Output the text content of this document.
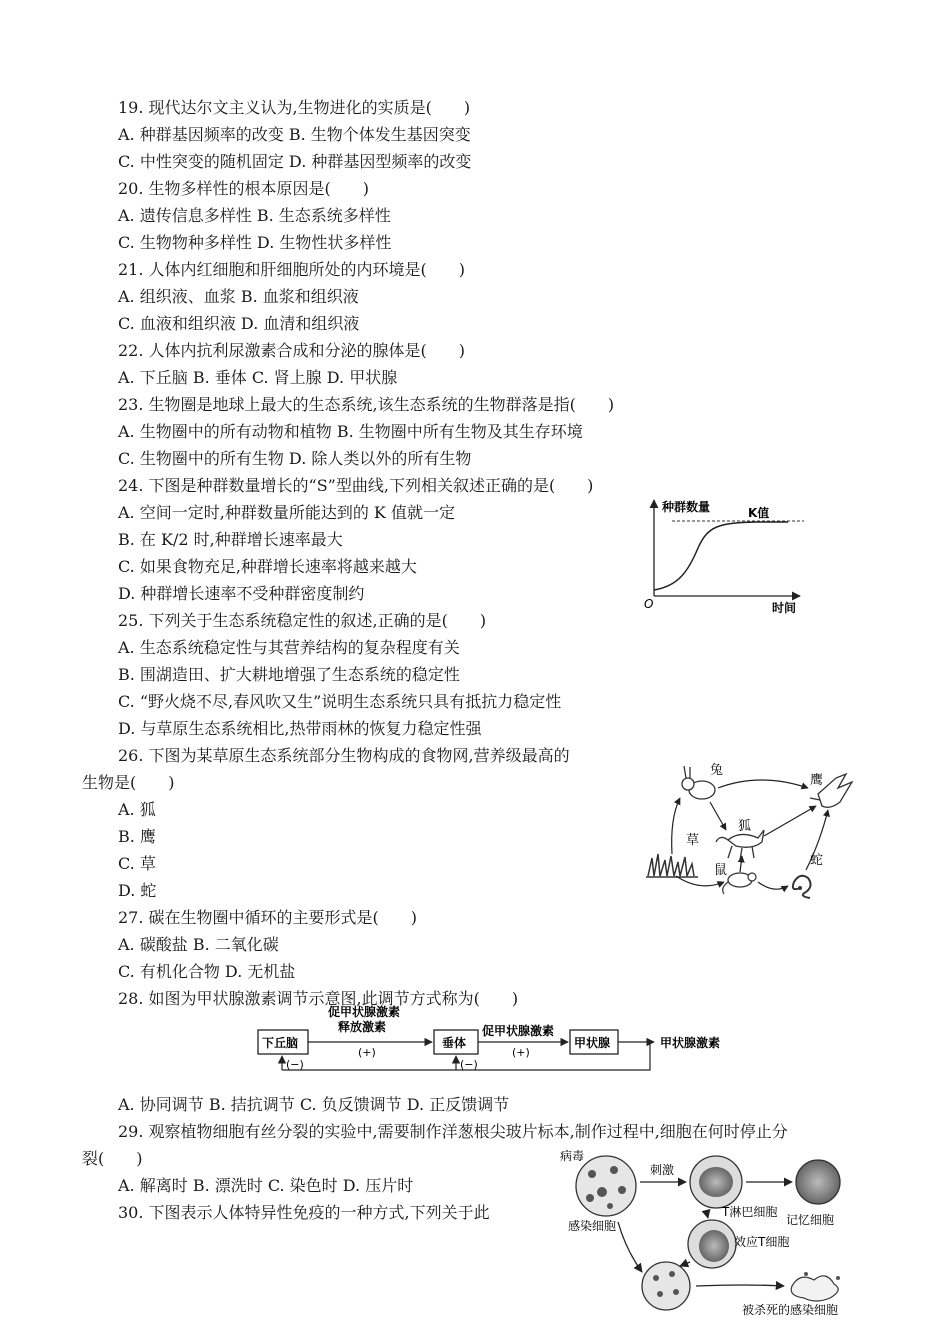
19. 现代达尔文主义认为,生物进化的实质是(　　)
A. 种群基因频率的改变 B. 生物个体发生基因突变
C. 中性突变的随机固定 D. 种群基因型频率的改变
20. 生物多样性的根本原因是(　　)
A. 遗传信息多样性 B. 生态系统多样性
C. 生物物种多样性 D. 生物性状多样性
21. 人体内红细胞和肝细胞所处的内环境是(　　)
A. 组织液、血浆 B. 血浆和组织液
C. 血液和组织液 D. 血清和组织液
22. 人体内抗利尿激素合成和分泌的腺体是(　　)
A. 下丘脑 B. 垂体 C. 肾上腺 D. 甲状腺
23. 生物圈是地球上最大的生态系统,该生态系统的生物群落是指(　　)
A. 生物圈中的所有动物和植物 B. 生物圈中所有生物及其生存环境
C. 生物圈中的所有生物 D. 除人类以外的所有生物
24. 下图是种群数量增长的“S”型曲线,下列相关叙述正确的是(　　)
A. 空间一定时,种群数量所能达到的 K 值就一定
B. 在 K/2 时,种群增长速率最大
C. 如果食物充足,种群增长速率将越来越大
D. 种群增长速率不受种群密度制约
25. 下列关于生态系统稳定性的叙述,正确的是(　　)
A. 生态系统稳定性与其营养结构的复杂程度有关
B. 围湖造田、扩大耕地增强了生态系统的稳定性
C. “野火烧不尽,春风吹又生”说明生态系统只具有抵抗力稳定性
D. 与草原生态系统相比,热带雨林的恢复力稳定性强
26. 下图为某草原生态系统部分生物构成的食物网,营养级最高的
生物是(　　)
A. 狐
B. 鹰
C. 草
D. 蛇
27. 碳在生物圈中循环的主要形式是(　　)
A. 碳酸盐 B. 二氧化碳
C. 有机化合物 D. 无机盐
28. 如图为甲状腺激素调节示意图,此调节方式称为(　　)
A. 协同调节 B. 拮抗调节 C. 负反馈调节 D. 正反馈调节
29. 观察植物细胞有丝分裂的实验中,需要制作洋葱根尖玻片标本,制作过程中,细胞在何时停止分
裂(　　)
A. 解离时 B. 漂洗时 C. 染色时 D. 压片时
30. 下图表示人体特异性免疫的一种方式,下列关于此
种群数量	K值
O	时间
兔
鹰
狐
草
鼠
蛇
下丘脑
促甲状腺激素
释放激素
(+)
垂体
促甲状腺激素
(+)
甲状腺	甲状腺激素
(−)	(−)
病毒
刺激
感染细胞
T淋巴细胞
记忆细胞
效应T细胞
被杀死的感染细胞
